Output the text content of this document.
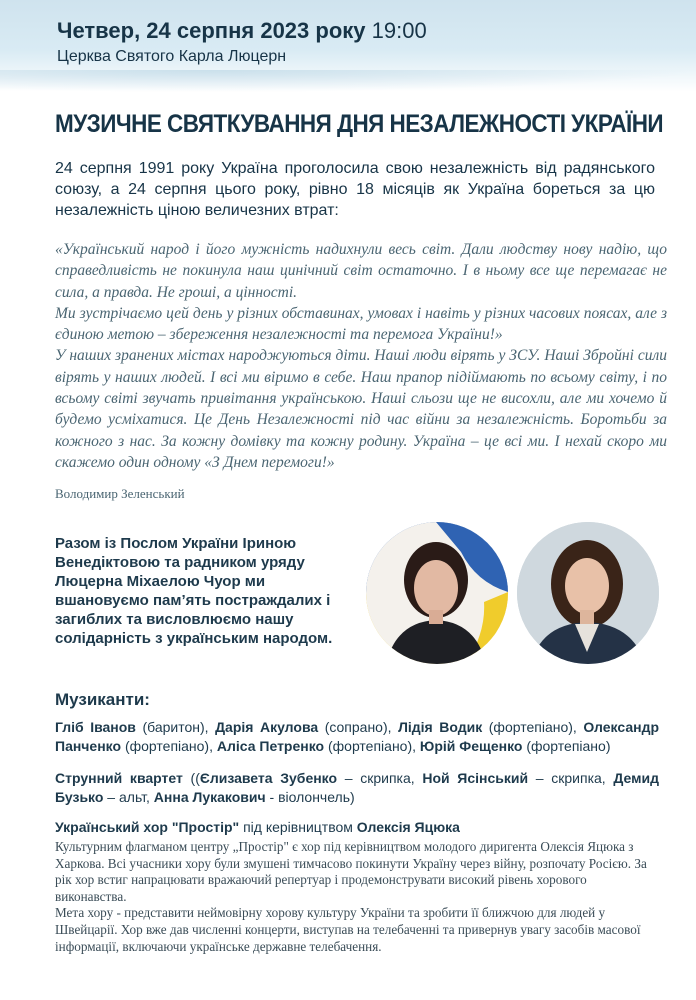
Четвер, 24 серпня 2023 року 19:00
Церква Святого Карла Люцерн
МУЗИЧНЕ СВЯТКУВАННЯ ДНЯ НЕЗАЛЕЖНОСТІ УКРАЇНИ
24 серпня 1991 року Україна проголосила свою незалежність від радянського союзу, а 24 серпня цього року, рівно 18 місяців як Україна бореться за цю незалежність ціною величезних втрат:

«Український народ і його мужність надихнули весь світ. Дали людству нову надію, що справедливість не покинула наш цинічний світ остаточно. І в ньому все ще перемагає не сила, а правда. Не гроші, а цінності.

Ми зустрічаємо цей день у різних обставинах, умовах і навіть у різних часових поясах, але з єдиною метою – збереження незалежності та перемога України!»

У наших зранених містах народжуються діти. Наші люди вірять у ЗСУ. Наші Збройні сили вірять у наших людей. І всі ми віримо в себе. Наш прапор підіймають по всьому світу, і по всьому світі звучать привітання українською. Наші сльози ще не висохли, але ми хочемо й будемо усміхатися. Це День Незалежності під час війни за незалежність. Боротьби за кожного з нас. За кожну домівку та кожну родину. Україна – це всі ми. І нехай скоро ми скажемо один одному «З Днем перемоги!»

Володимир Зеленський
Разом із Послом України Іриною Венедіктовою та радником уряду Люцерна Міхаелою Чуор ми вшановуємо пам’ять постраждалих і загиблих та висловлюємо нашу солідарність з українським народом.
Музиканти:
Гліб Іванов (баритон), Дарія Акулова (сопрано), Лідія Водик (фортепіано), Олександр Панченко (фортепіано), Аліса Петренко (фортепіано), Юрій Фещенко (фортепіано)
Струнний квартет ((Єлизавета Зубенко – скрипка, Ной Ясінський – скрипка, Демид Бузько – альт, Анна Лукакович - віолончель)
Український хор "Простір" під керівництвом Олексія Яцюка

Культурним флагманом центру „Простір" є хор під керівництвом молодого диригента Олексія Яцюка з Харкова. Всі учасники хору були змушені тимчасово покинути Україну через війну, розпочату Росією. За рік хор встиг напрацювати вражаючий репертуар і продемонструвати високий рівень хорового виконавства.

Мета хору - представити неймовірну хорову культуру України та зробити її ближчою для людей у Швейцарії. Хор вже дав численні концерти, виступав на телебаченні та привернув увагу засобів масової інформації, включаючи українське державне телебачення.
